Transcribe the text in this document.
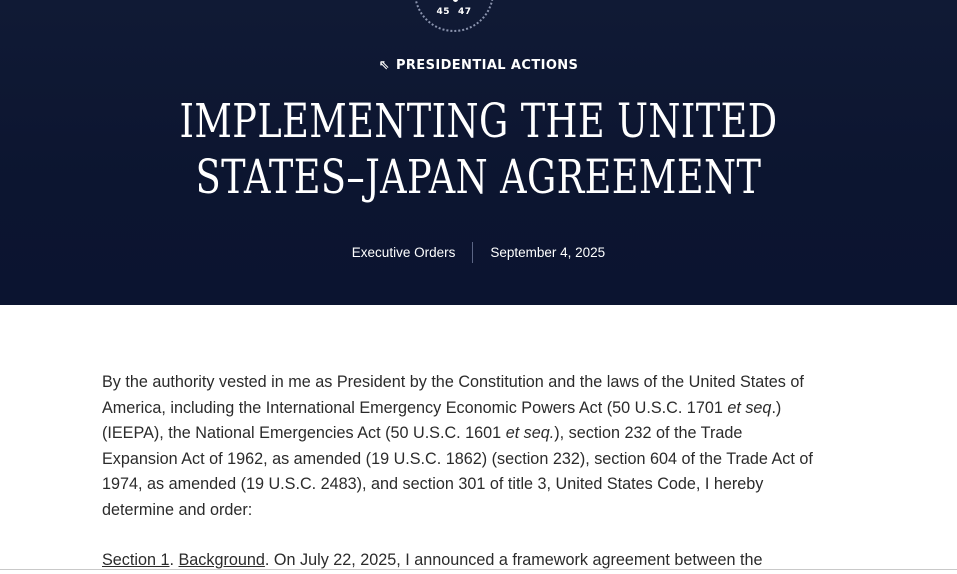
45 47
⇖ PRESIDENTIAL ACTIONS
IMPLEMENTING THE UNITED
STATES–JAPAN AGREEMENT
Executive Orders	September 4, 2025

By the authority vested in me as President by the Constitution and the laws of the United States of America, including the International Emergency Economic Powers Act (50 U.S.C. 1701 et seq.) (IEEPA), the National Emergencies Act (50 U.S.C. 1601 et seq.), section 232 of the Trade Expansion Act of 1962, as amended (19 U.S.C. 1862) (section 232), section 604 of the Trade Act of 1974, as amended (19 U.S.C. 2483), and section 301 of title 3, United States Code, I hereby determine and order:

Section 1. Background. On July 22, 2025, I announced a framework agreement between the
